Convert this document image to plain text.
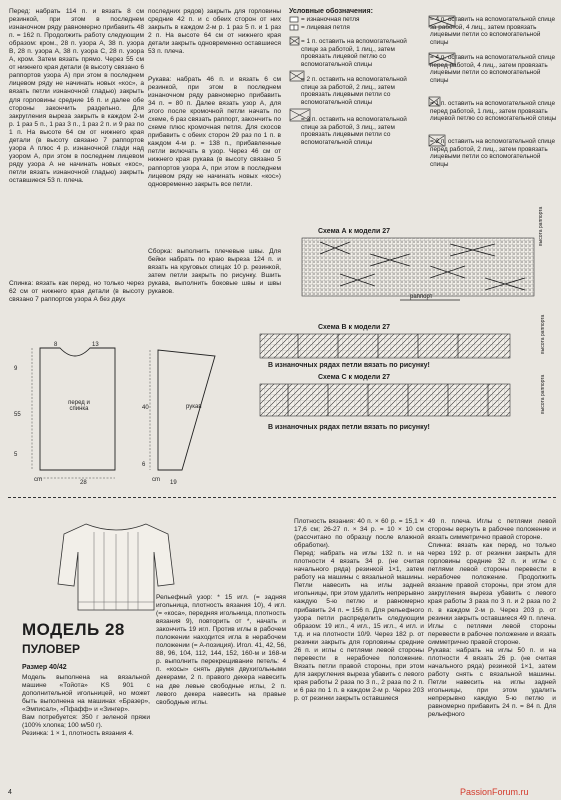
Перед: набрать 114 п. и вязать 8 см резинкой, при этом в последнем изнаночном ряду равномерно прибавить 48 п. = 162 п. Продолжить работу следующим образом: кром., 28 п. узора А, 38 п. узора В, 28 п. узора А, 38 п. узора С, 28 п. узора А, кром. Затем вязать прямо. Через 55 см от нижнего края детали (в высоту связано 6 раппортов узора А) при этом в последнем лицевом ряду не начинать новых «кос», а вязать петли изнаночной гладью) закрыть для горловины средние 16 п. и далее обе стороны закончить раздельно. Для закругления выреза закрыть в каждом 2-м р. 1 раз 5 п., 1 раз 3 п., 1 раз 2 п. и 9 раз по 1 п. На высоте 64 см от нижнего края детали (в высоту связано 7 раппортов узора А плюс 4 р. изнаночной глади над узором А, при этом в последнем лицевом ряду узора А не начинать новых «кос», петли вязать изнаночной гладью) закрыть оставшиеся 53 п. плеча.
Спинка: вязать как перед, но только через 62 см от нижнего края детали (в высоту связано 7 раппортов узора А без двух
последних рядов) закрыть для горловины средние 42 п. и с обеих сторон от них закрыть в каждом 2-м р. 1 раз 5 п. и 1 раз 2 п. На высоте 64 см от нижнего края детали закрыть одновременно оставшиеся 53 п. плеча.
Рукава: набрать 46 п. и вязать 6 см резинкой, при этом в последнем изнаночном ряду равномерно прибавить 34 п. = 80 п. Далее вязать узор А, для этого после кромочной петли начать по схеме, 6 раз связать раппорт, закончить по схеме плюс кромочная петля. Для скосов прибавить с обеих сторон 29 раз по 1 п. в каждом 4-м р. = 138 п., прибавленные петли включать в узор. Через 46 см от нижнего края рукава (в высоту связано 5 раппортов узора А, при этом в последнем лицевом ряду не начинать новых «кос») одновременно закрыть все петли.
Сборка: выполнить плечевые швы. Для бейки набрать по краю выреза 124 п. и вязать на круговых спицах 10 р. резинкой, затем петли закрыть по рисунку. Вшить рукава, выполнить боковые швы и швы рукавов.
Условные обозначения:
= изнаночная петля
= лицевая петля
= 1 п. оставить на вспомогательной спице за работой, 1 лиц., затем провязать лицевой петлю со вспомогательной спицы
= 2 п. оставить на вспомогательной спице за работой, 2 лиц., затем провязать лицевыми петли со вспомогательной спицы
= 3 п. оставить на вспомогательной спице за работой, 3 лиц., затем провязать лицевыми петли со вспомогательной спицы
= 4 п. оставить на вспомогательной спице за работой, 4 лиц., затем провязать лицевыми петли со вспомогательной спицы
= 4 п. оставить на вспомогательной спице перед работой, 4 лиц., затем провязать лицевыми петли со вспомогательной спицы
= 1 п. оставить на вспомогательной спице перед работой, 1 лиц., затем провязать лицевой петлю со вспомогательной спицы
= 2 п. оставить на вспомогательной спице перед работой, 2 лиц., затем провязать лицевыми петли со вспомогательной спицы
Схема А к модели 27
раппорт
высота раппорта
Схема В к модели 27
В изнаночных рядах петли вязать по рисунку!
высота раппорта
Схема С к модели 27
В изнаночных рядах петли вязать по рисунку!
высота раппорта
перед и спинка	рукав
cm	28
55
9
5
8	13
40
6
cm 19
МОДЕЛЬ 28
ПУЛОВЕР
Размер 40/42
Модель выполнена на вязальной машине «Тойота» KS 901 с дополнительной игольницей, но может быть выполнена на машинах «Бразер», «Эмписал», «Пфафф» и «Зингер».
Вам потребуется: 350 г зеленой пряжи (100% хлопка; 100 м/50 г).
Резинка: 1 × 1, плотность вязания 4.
Рельефный узор: * 15 игл. (= задняя игольница, плотность вязания 10), 4 игл. (= «коса», передняя игольница, плотность вязания 9), повторить от *, начать и закончить 19 игл. Против иглы в рабочем положении находится игла в нерабочем положении (= А-позиция). Игол. 41, 42, 56, 88, 96, 104, 112, 144, 152, 160-м и 168-м р. выполнить перекрещивание петель: 4 п. «косы» снять двумя двухигольными декерами, 2 п. правого декера навесить на две левые свободные иглы, 2 п. левого декера навесить на правые свободные иглы.
Плотность вязания: 40 п. × 60 р. = 15,1 × 17,6 см; 26-27 п. × 34 р. = 10 × 10 см (рассчитано по образцу после влажной обработки).
Перед: набрать на иглы 132 п. и на плотности 4 вязать 34 р. (не считая начального ряда) резинкой 1×1, затем работу на машины с вязальной машины. Петли навесить на иглы задней игольницы, при этом удалить непрерывно каждую 5-ю петлю и равномерно прибавить 24 п. = 156 п. Для рельефного узора петли распределить следующим образом: 19 игл., 4 игл., 15 игл., 4 игл. и т.д. и на плотности 10/9. Через 182 р. от резинки закрыть для горловины средние 26 п. и иглы с петлями левой стороны перевести в нерабочее положение. Вязать петли правой стороны, при этом для закругления выреза убавить с левого края работы 2 раза по 3 п., 2 раза по 2 п. и 6 раз по 1 п. в каждом 2-м р. Через 203 р. от резинки закрыть оставшиеся
49 п. плеча. Иглы с петлями левой стороны вернуть в рабочее положение и вязать симметрично правой стороне.
Спинка: вязать как перед, но только через 192 р. от резинки закрыть для горловины средние 32 п. и иглы с петлями левой стороны перевести в нерабочее положение. Продолжить вязание правой стороны, при этом для закругления выреза убавить с левого края работы 3 раза по 3 п. и 2 раза по 2 п. в каждом 2-м р. Через 203 р. от резинки закрыть оставшиеся 49 п. плеча. Иглы с петлями левой стороны перевести в рабочее положение и вязать симметрично правой стороне.
Рукава: набрать на иглы 50 п. и на плотности 4 вязать 26 р. (не считая начального ряда) резинкой 1×1, затем работу снять с вязальной машины. Петли навесить на иглы задней игольницы, при этом удалить непрерывно каждую 5-ю петлю и равномерно прибавить 24 п. = 84 п. Для рельефного
4	PassionForum.ru
